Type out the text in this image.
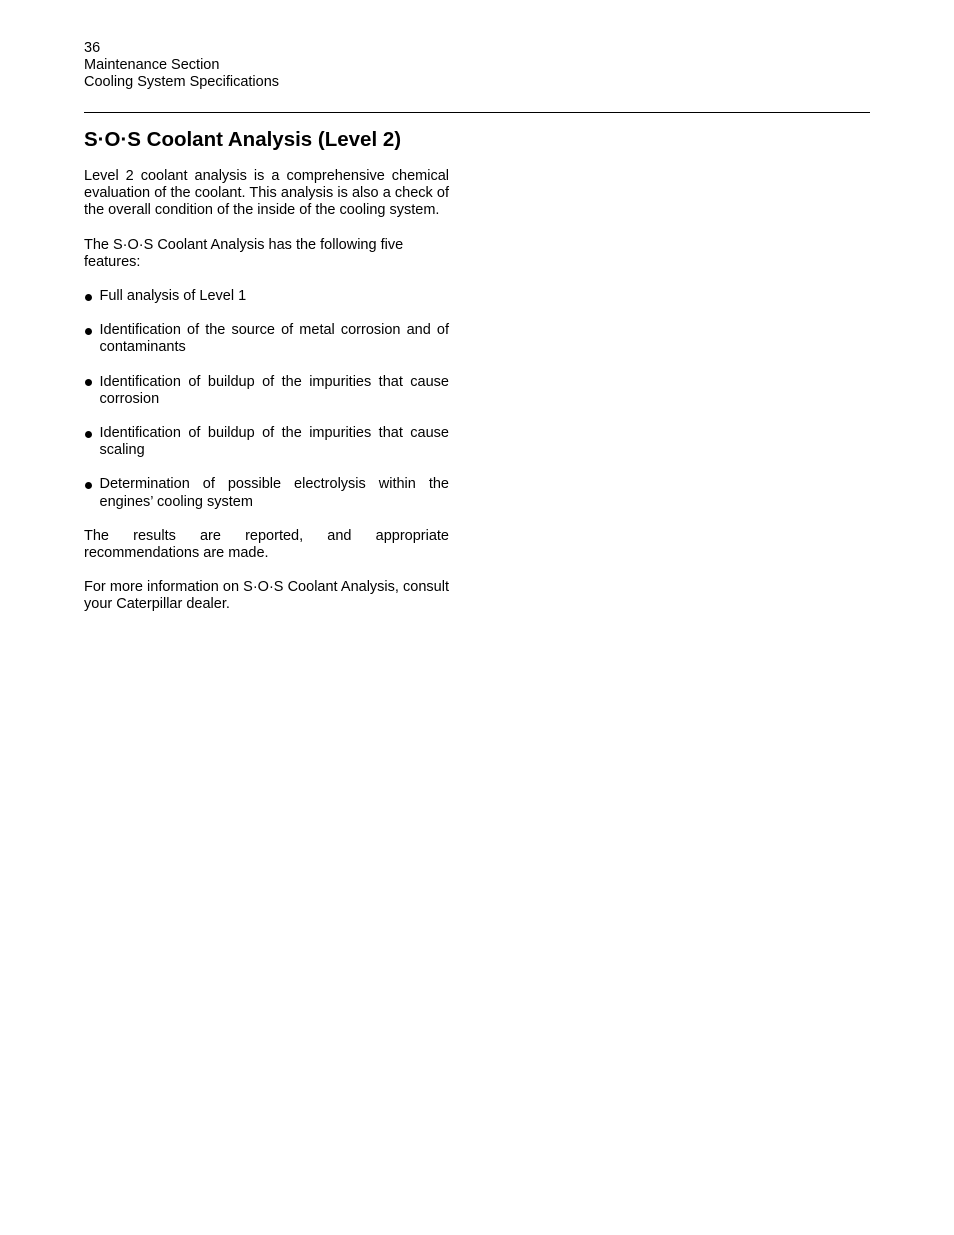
36
Maintenance Section
Cooling System Specifications
S·O·S Coolant Analysis (Level 2)

Level 2 coolant analysis is a comprehensive chemical evaluation of the coolant. This analysis is also a check of the overall condition of the inside of the cooling system.

The S·O·S Coolant Analysis has the following five features:

Full analysis of Level 1
Identification of the source of metal corrosion and of contaminants
Identification of buildup of the impurities that cause corrosion
Identification of buildup of the impurities that cause scaling
Determination of possible electrolysis within the engines’ cooling system

The results are reported, and appropriate recommendations are made.

For more information on S·O·S Coolant Analysis, consult your Caterpillar dealer.
